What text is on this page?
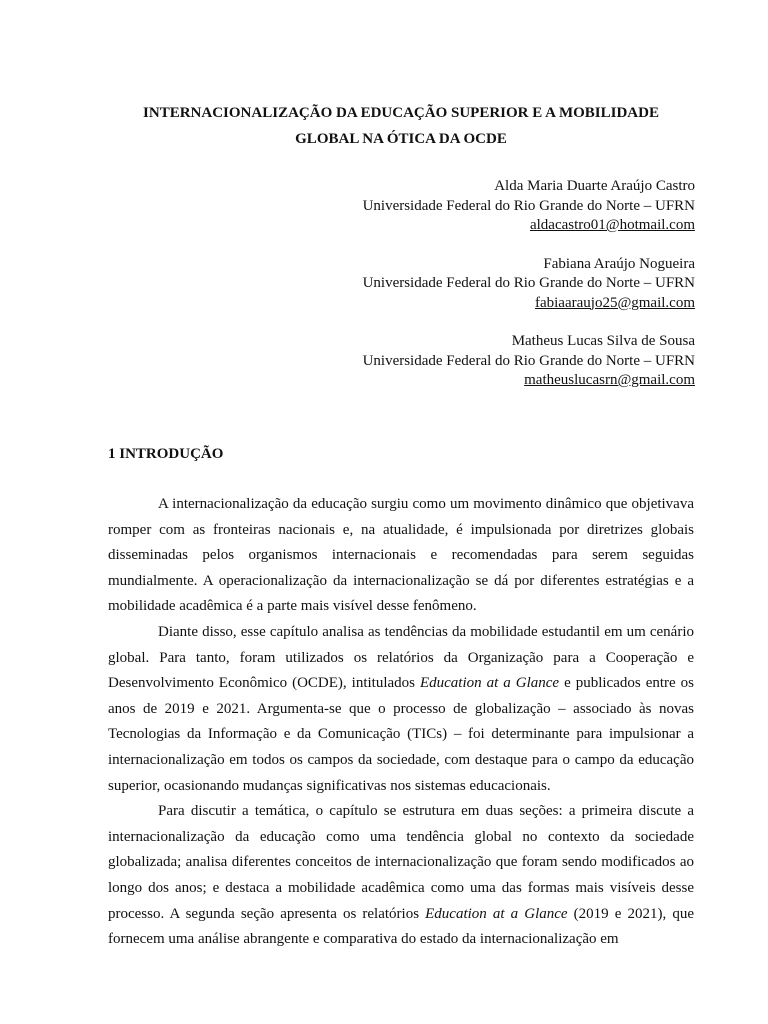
INTERNACIONALIZAÇÃO DA EDUCAÇÃO SUPERIOR E A MOBILIDADE
GLOBAL NA ÓTICA DA OCDE
Alda Maria Duarte Araújo Castro
Universidade Federal do Rio Grande do Norte – UFRN
aldacastro01@hotmail.com
Fabiana Araújo Nogueira
Universidade Federal do Rio Grande do Norte – UFRN
fabiaaraujo25@gmail.com
Matheus Lucas Silva de Sousa
Universidade Federal do Rio Grande do Norte – UFRN
matheuslucasrn@gmail.com
1 INTRODUÇÃO

A internacionalização da educação surgiu como um movimento dinâmico que objetivava romper com as fronteiras nacionais e, na atualidade, é impulsionada por diretrizes globais disseminadas pelos organismos internacionais e recomendadas para serem seguidas mundialmente. A operacionalização da internacionalização se dá por diferentes estratégias e a mobilidade acadêmica é a parte mais visível desse fenômeno.

Diante disso, esse capítulo analisa as tendências da mobilidade estudantil em um cenário global. Para tanto, foram utilizados os relatórios da Organização para a Cooperação e Desenvolvimento Econômico (OCDE), intitulados Education at a Glance e publicados entre os anos de 2019 e 2021. Argumenta-se que o processo de globalização – associado às novas Tecnologias da Informação e da Comunicação (TICs) – foi determinante para impulsionar a internacionalização em todos os campos da sociedade, com destaque para o campo da educação superior, ocasionando mudanças significativas nos sistemas educacionais.

Para discutir a temática, o capítulo se estrutura em duas seções: a primeira discute a internacionalização da educação como uma tendência global no contexto da sociedade globalizada; analisa diferentes conceitos de internacionalização que foram sendo modificados ao longo dos anos; e destaca a mobilidade acadêmica como uma das formas mais visíveis desse processo. A segunda seção apresenta os relatórios Education at a Glance (2019 e 2021), que fornecem uma análise abrangente e comparativa do estado da internacionalização em
